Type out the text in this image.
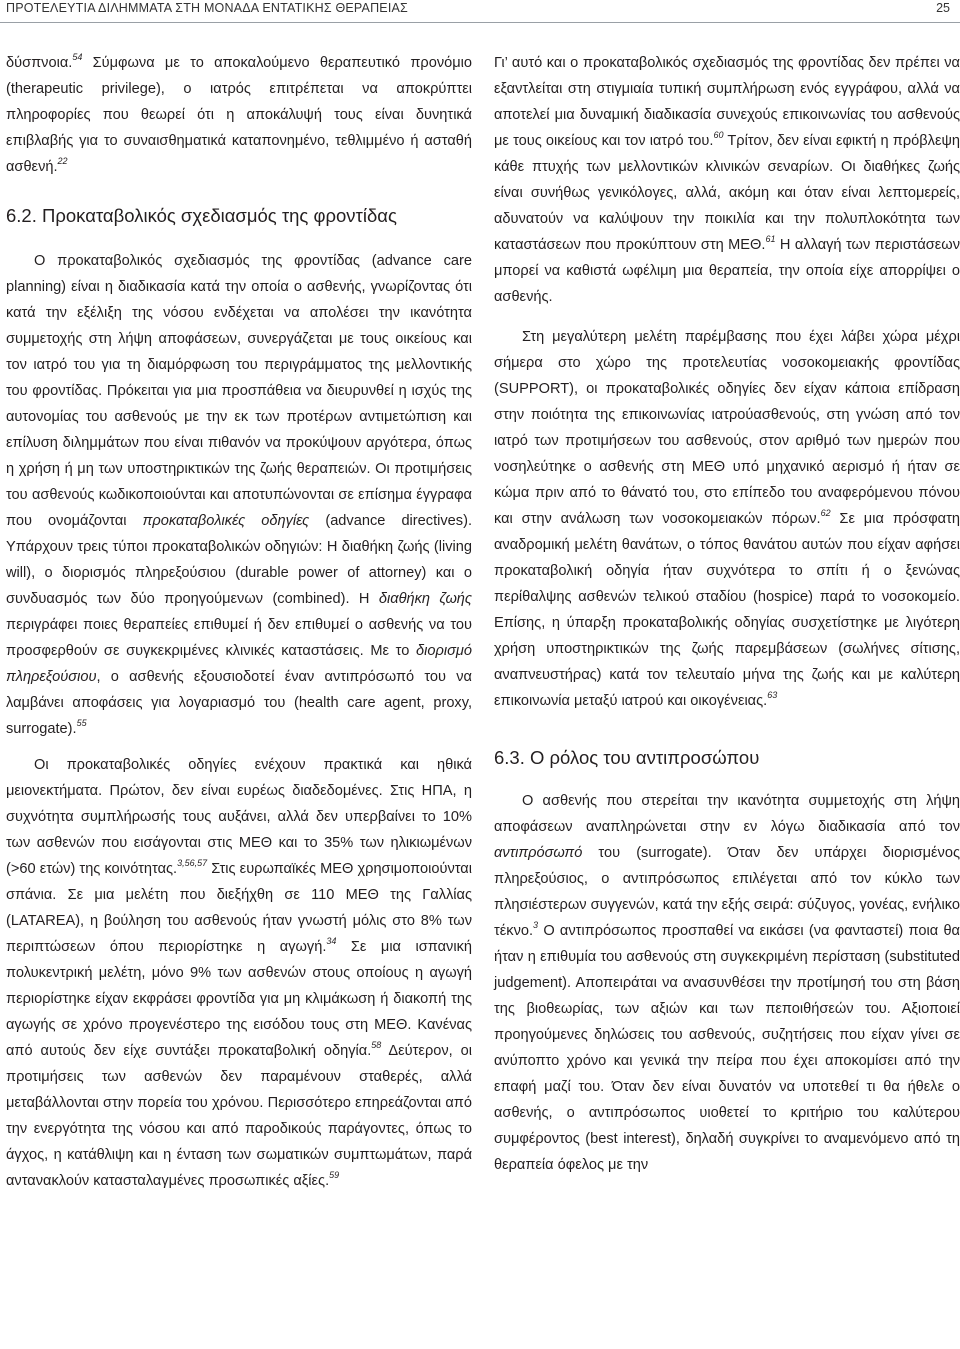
ΠΡΟΤΕΛΕΥΤΙΑ ΔΙΛΗΜΜΑΤΑ ΣΤΗ ΜΟΝΑΔΑ ΕΝΤΑΤΙΚΗΣ ΘΕΡΑΠΕΙΑΣ	25

δύσπνοια.$^{54}$ Σύμφωνα με το αποκαλούμενο θεραπευτικό προνόμιο (therapeutic privilege), ο ιατρός επιτρέπεται να αποκρύπτει πληροφορίες που θεωρεί ότι η αποκάλυψή τους είναι δυνητικά επιβλαβής για το συναισθηματικά καταπονημένο, τεθλιμμένο ή ασταθή ασθενή.$^{22}$

6.2. Προκαταβολικός σχεδιασμός της φροντίδας

Ο προκαταβολικός σχεδιασμός της φροντίδας (advance care planning) είναι η διαδικασία κατά την οποία ο ασθενής, γνωρίζοντας ότι κατά την εξέλιξη της νόσου ενδέχεται να απολέσει την ικανότητα συμμετοχής στη λήψη αποφάσεων, συνεργάζεται με τους οικείους και τον ιατρό του για τη διαμόρφωση του περιγράμματος της μελλοντικής του φροντίδας. Πρόκειται για μια προσπάθεια να διευρυνθεί η ισχύς της αυτονομίας του ασθενούς με την εκ των προτέρων αντιμετώπιση και επίλυση διλημμάτων που είναι πιθανόν να προκύψουν αργότερα, όπως η χρήση ή μη των υποστηρικτικών της ζωής θεραπειών. Οι προτιμήσεις του ασθενούς κωδικοποιούνται και αποτυπώνονται σε επίσημα έγγραφα που ονομάζονται προκαταβολικές οδηγίες (advance directives). Υπάρχουν τρεις τύποι προκαταβολικών οδηγιών: Η διαθήκη ζωής (living will), ο διορισμός πληρεξούσιου (durable power of attorney) και ο συνδυασμός των δύο προηγούμενων (combined). Η διαθήκη ζωής περιγράφει ποιες θεραπείες επιθυμεί ή δεν επιθυμεί ο ασθενής να του προσφερθούν σε συγκεκριμένες κλινικές καταστάσεις. Με το διορισμό πληρεξούσιου, ο ασθενής εξουσιοδοτεί έναν αντιπρόσωπό του να λαμβάνει αποφάσεις για λογαριασμό του (health care agent, proxy, surrogate).$^{55}$

Οι προκαταβολικές οδηγίες ενέχουν πρακτικά και ηθικά μειονεκτήματα. Πρώτον, δεν είναι ευρέως διαδεδομένες. Στις ΗΠΑ, η συχνότητα συμπλήρωσής τους αυξάνει, αλλά δεν υπερβαίνει το 10% των ασθενών που εισάγονται στις ΜΕΘ και το 35% των ηλικιωμένων (>60 ετών) της κοινότητας.$^{3,56,57}$ Στις ευρωπαϊκές ΜΕΘ χρησιμοποιούνται σπάνια. Σε μια μελέτη που διεξήχθη σε 110 ΜΕΘ της Γαλλίας (LATAREA), η βούληση του ασθενούς ήταν γνωστή μόλις στο 8% των περιπτώσεων όπου περιορίστηκε η αγωγή.$^{34}$ Σε μια ισπανική πολυκεντρική μελέτη, μόνο 9% των ασθενών στους οποίους η αγωγή περιορίστηκε είχαν εκφράσει φροντίδα για μη κλιμάκωση ή διακοπή της αγωγής σε χρόνο προγενέστερο της εισόδου τους στη ΜΕΘ. Κανένας από αυτούς δεν είχε συντάξει προκαταβολική οδηγία.$^{58}$ Δεύτερον, οι προτιμήσεις των ασθενών δεν παραμένουν σταθερές, αλλά μεταβάλλονται στην πορεία του χρόνου. Περισσότερο επηρεάζονται από την ενεργότητα της νόσου και από παροδικούς παράγοντες, όπως το άγχος, η κατάθλιψη και η ένταση των σωματικών συμπτωμάτων, παρά αντανακλούν κατασταλαγμένες προσωπικές αξίες.$^{59}$

Γι’ αυτό και ο προκαταβολικός σχεδιασμός της φροντίδας δεν πρέπει να εξαντλείται στη στιγμιαία τυπική συμπλήρωση ενός εγγράφου, αλλά να αποτελεί μια δυναμική διαδικασία συνεχούς επικοινωνίας του ασθενούς με τους οικείους και τον ιατρό του.$^{60}$ Τρίτον, δεν είναι εφικτή η πρόβλεψη κάθε πτυχής των μελλοντικών κλινικών σεναρίων. Οι διαθήκες ζωής είναι συνήθως γενικόλογες, αλλά, ακόμη και όταν είναι λεπτομερείς, αδυνατούν να καλύψουν την ποικιλία και την πολυπλοκότητα των καταστάσεων που προκύπτουν στη ΜΕΘ.$^{61}$ Η αλλαγή των περιστάσεων μπορεί να καθιστά ωφέλιμη μια θεραπεία, την οποία είχε απορρίψει ο ασθενής.

Στη μεγαλύτερη μελέτη παρέμβασης που έχει λάβει χώρα μέχρι σήμερα στο χώρο της προτελευτίας νοσοκομειακής φροντίδας (SUPPORT), οι προκαταβολικές οδηγίες δεν είχαν κάποια επίδραση στην ποιότητα της επικοινωνίας ιατρούασθενούς, στη γνώση από τον ιατρό των προτιμήσεων του ασθενούς, στον αριθμό των ημερών που νοσηλεύτηκε ο ασθενής στη ΜΕΘ υπό μηχανικό αερισμό ή ήταν σε κώμα πριν από το θάνατό του, στο επίπεδο του αναφερόμενου πόνου και στην ανάλωση των νοσοκομειακών πόρων.$^{62}$ Σε μια πρόσφατη αναδρομική μελέτη θανάτων, ο τόπος θανάτου αυτών που είχαν αφήσει προκαταβολική οδηγία ήταν συχνότερα το σπίτι ή ο ξενώνας περίθαλψης ασθενών τελικού σταδίου (hospice) παρά το νοσοκομείο. Επίσης, η ύπαρξη προκαταβολικής οδηγίας συσχετίστηκε με λιγότερη χρήση υποστηρικτικών της ζωής παρεμβάσεων (σωλήνες σίτισης, αναπνευστήρας) κατά τον τελευταίο μήνα της ζωής και με καλύτερη επικοινωνία μεταξύ ιατρού και οικογένειας.$^{63}$

6.3. Ο ρόλος του αντιπροσώπου

Ο ασθενής που στερείται την ικανότητα συμμετοχής στη λήψη αποφάσεων αναπληρώνεται στην εν λόγω διαδικασία από τον αντιπρόσωπό του (surrogate). Όταν δεν υπάρχει διορισμένος πληρεξούσιος, ο αντιπρόσωπος επιλέγεται από τον κύκλο των πλησιέστερων συγγενών, κατά την εξής σειρά: σύζυγος, γονέας, ενήλικο τέκνο.$^3$ Ο αντιπρόσωπος προσπαθεί να εικάσει (να φανταστεί) ποια θα ήταν η επιθυμία του ασθενούς στη συγκεκριμένη περίσταση (substituted judgement). Αποπειράται να ανασυνθέσει την προτίμησή του στη βάση της βιοθεωρίας, των αξιών και των πεποιθήσεών του. Αξιοποιεί προηγούμενες δηλώσεις του ασθενούς, συζητήσεις που είχαν γίνει σε ανύποπτο χρόνο και γενικά την πείρα που έχει αποκομίσει από την επαφή μαζί του. Όταν δεν είναι δυνατόν να υποτεθεί τι θα ήθελε ο ασθενής, ο αντιπρόσωπος υιοθετεί το κριτήριο του καλύτερου συμφέροντος (best interest), δηλαδή συγκρίνει το αναμενόμενο από τη θεραπεία όφελος με την
